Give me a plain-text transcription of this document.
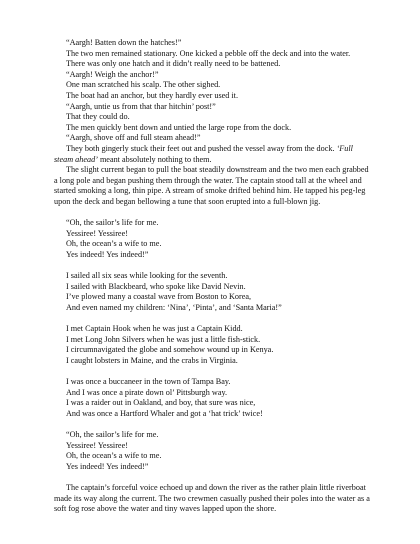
“Aargh! Batten down the hatches!”

The two men remained stationary. One kicked a pebble off the deck and into the water.

There was only one hatch and it didn’t really need to be battened.

“Aargh! Weigh the anchor!”

One man scratched his scalp. The other sighed.

The boat had an anchor, but they hardly ever used it.

“Aargh, untie us from that thar hitchin’ post!”

That they could do.

The men quickly bent down and untied the large rope from the dock.

“Aargh, shove off and full steam ahead!”

They both gingerly stuck their feet out and pushed the vessel away from the dock. ‘Full steam ahead’ meant absolutely nothing to them.

The slight current began to pull the boat steadily downstream and the two men each grabbed a long pole and began pushing them through the water. The captain stood tall at the wheel and started smoking a long, thin pipe. A stream of smoke drifted behind him. He tapped his peg-leg upon the deck and began bellowing a tune that soon erupted into a full-blown jig.

“Oh, the sailor’s life for me.

Yessiree! Yessiree!

Oh, the ocean’s a wife to me.

Yes indeed! Yes indeed!”

I sailed all six seas while looking for the seventh.

I sailed with Blackbeard, who spoke like David Nevin.

I’ve plowed many a coastal wave from Boston to Korea,

And even named my children: ‘Nina’, ‘Pinta’, and ‘Santa Maria!”

I met Captain Hook when he was just a Captain Kidd.

I met Long John Silvers when he was just a little fish-stick.

I circumnavigated the globe and somehow wound up in Kenya.

I caught lobsters in Maine, and the crabs in Virginia.

I was once a buccaneer in the town of Tampa Bay.

And I was once a pirate down ol’ Pittsburgh way.

I was a raider out in Oakland, and boy, that sure was nice,

And was once a Hartford Whaler and got a ‘hat trick’ twice!

“Oh, the sailor’s life for me.

Yessiree! Yessiree!

Oh, the ocean’s a wife to me.

Yes indeed! Yes indeed!”

The captain’s forceful voice echoed up and down the river as the rather plain little riverboat made its way along the current. The two crewmen casually pushed their poles into the water as a soft fog rose above the water and tiny waves lapped upon the shore.
